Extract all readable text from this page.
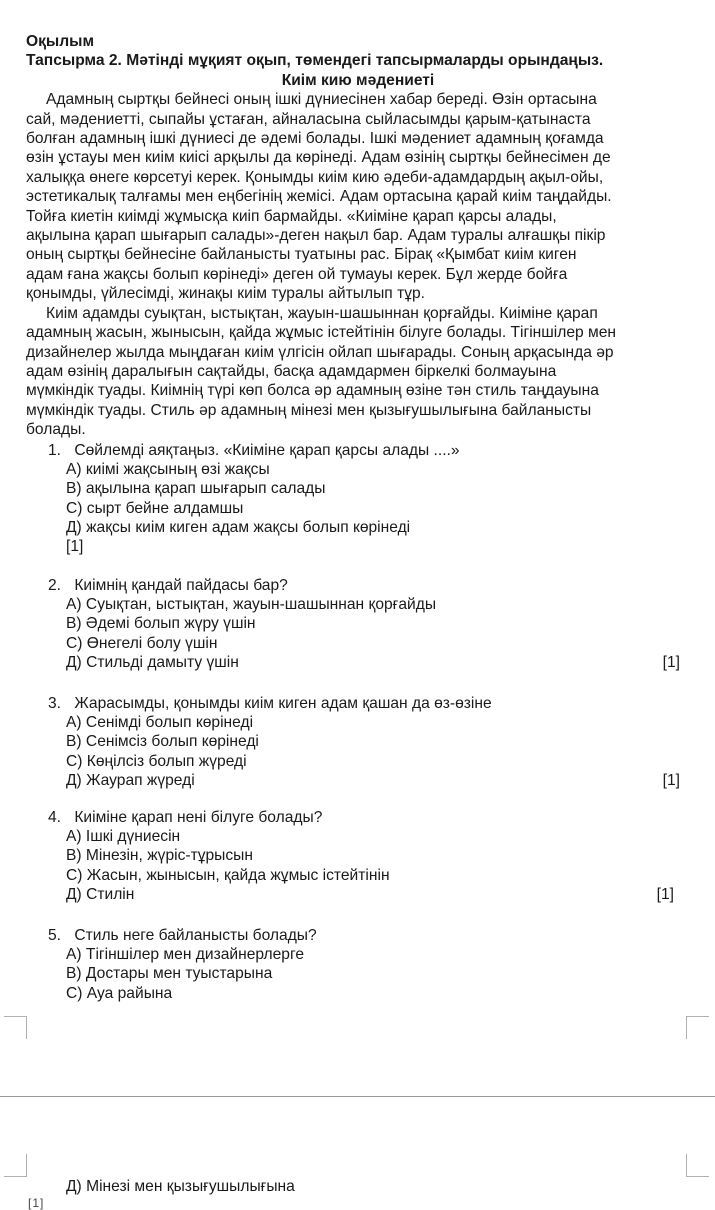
Оқылым
Тапсырма 2. Мәтінді мұқият оқып, төмендегі тапсырмаларды орындаңыз.
Киім кию мәдениеті
Адамның сыртқы бейнесі оның ішкі дүниесінен хабар береді. Өзін ортасына
сай, мәдениетті, сыпайы ұстаған, айналасына сыйласымды қарым-қатынаста
болған адамның ішкі дүниесі де әдемі болады. Ішкі мәдениет адамның қоғамда
өзін ұстауы мен киім киісі арқылы да көрінеді. Адам өзінің сыртқы бейнесімен де
халыққа өнеге көрсетуі керек. Қонымды киім кию әдеби-адамдардың ақыл-ойы,
эстетикалық талғамы мен еңбегінің жемісі. Адам ортасына қарай киім таңдайды.
Тойға киетін киімді жұмысқа киіп бармайды. «Киіміне қарап қарсы алады,
ақылына қарап шығарып салады»-деген нақыл бар. Адам туралы алғашқы пікір
оның сыртқы бейнесіне байланысты туатыны рас. Бірақ «Қымбат киім киген
адам ғана жақсы болып көрінеді» деген ой тумауы керек. Бұл жерде бойға
қонымды, үйлесімді, жинақы киім туралы айтылып тұр.
Киім адамды суықтан, ыстықтан, жауын-шашыннан қорғайды. Киіміне қарап
адамның жасын, жынысын, қайда жұмыс істейтінін білуге болады. Тігіншілер мен
дизайнелер жылда мыңдаған киім үлгісін ойлап шығарады. Соның арқасында әр
адам өзінің даралығын сақтайды, басқа адамдармен біркелкі болмауына
мүмкіндік туады. Киімнің түрі көп болса әр адамның өзіне тән стиль таңдауына
мүмкіндік туады. Стиль әр адамның мінезі мен қызығушылығына байланысты
болады.
1. Сөйлемді аяқтаңыз. «Киіміне қарап қарсы алады ....»
А) киімі жақсының өзі жақсы
В) ақылына қарап шығарып салады
С) сырт бейне алдамшы
Д) жақсы киім киген адам жақсы болып көрінеді
[1]
2. Киімнің қандай пайдасы бар?
А) Суықтан, ыстықтан, жауын-шашыннан қорғайды
В) Әдемі болып жүру үшін
С) Өнегелі болу үшін
Д) Стильді дамыту үшін	[1]
3. Жарасымды, қонымды киім киген адам қашан да өз-өзіне
А) Сенімді болып көрінеді
В) Сенімсіз болып көрінеді
С) Көңілсіз болып жүреді
Д) Жаурап жүреді	[1]
4. Киіміне қарап нені білуге болады?
А) Ішкі дүниесін
В) Мінезін, жүріс-тұрысын
С) Жасын, жынысын, қайда жұмыс істейтінін
Д) Стилін	[1]
5. Стиль неге байланысты болады?
А) Тігіншілер мен дизайнерлерге
В) Достары мен туыстарына
С) Ауа райына
Д) Мінезі мен қызығушылығына
[1]
